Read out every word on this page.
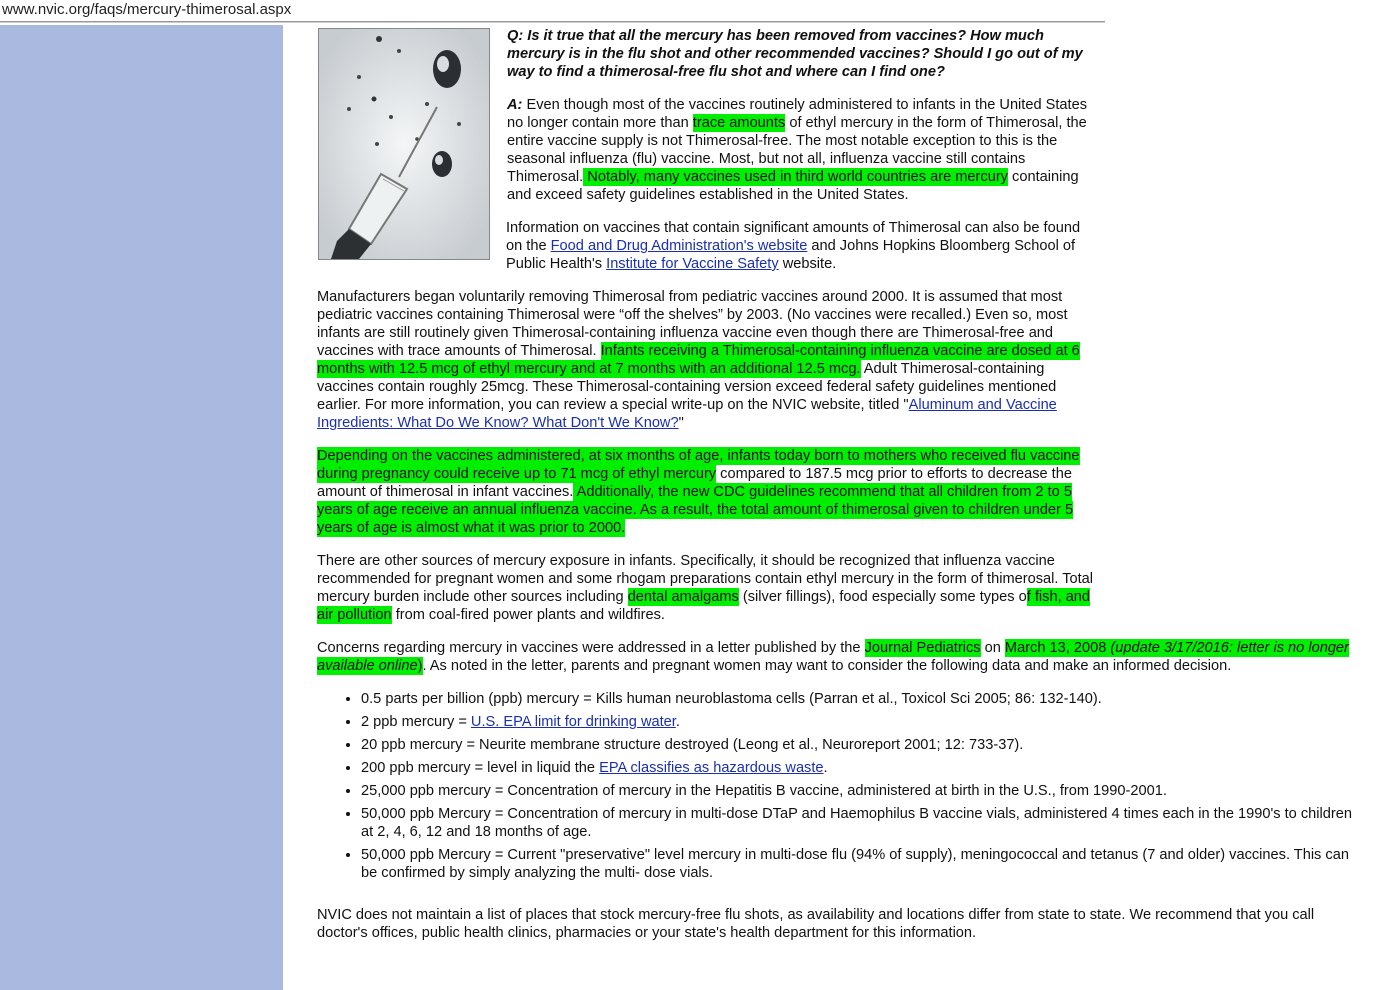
www.nvic.org/faqs/mercury-thimerosal.aspx

Q: Is it true that all the mercury has been removed from vaccines? How much mercury is in the flu shot and other recommended vaccines? Should I go out of my way to find a thimerosal-free flu shot and where can I find one?

A: Even though most of the vaccines routinely administered to infants in the United States no longer contain more than trace amounts of ethyl mercury in the form of Thimerosal, the entire vaccine supply is not Thimerosal-free. The most notable exception to this is the seasonal influenza (flu) vaccine. Most, but not all, influenza vaccine still contains Thimerosal. Notably, many vaccines used in third world countries are mercury containing and exceed safety guidelines established in the United States.

Information on vaccines that contain significant amounts of Thimerosal can also be found on the Food and Drug Administration's website and Johns Hopkins Bloomberg School of Public Health's Institute for Vaccine Safety website.

Manufacturers began voluntarily removing Thimerosal from pediatric vaccines around 2000. It is assumed that most pediatric vaccines containing Thimerosal were “off the shelves” by 2003. (No vaccines were recalled.) Even so, most infants are still routinely given Thimerosal-containing influenza vaccine even though there are Thimerosal-free and vaccines with trace amounts of Thimerosal. Infants receiving a Thimerosal-containing influenza vaccine are dosed at 6 months with 12.5 mcg of ethyl mercury and at 7 months with an additional 12.5 mcg. Adult Thimerosal-containing vaccines contain roughly 25mcg. These Thimerosal-containing version exceed federal safety guidelines mentioned earlier. For more information, you can review a special write-up on the NVIC website, titled "Aluminum and Vaccine Ingredients: What Do We Know? What Don't We Know?"

Depending on the vaccines administered, at six months of age, infants today born to mothers who received flu vaccine during pregnancy could receive up to 71 mcg of ethyl mercury compared to 187.5 mcg prior to efforts to decrease the amount of thimerosal in infant vaccines. Additionally, the new CDC guidelines recommend that all children from 2 to 5 years of age receive an annual influenza vaccine. As a result, the total amount of thimerosal given to children under 5 years of age is almost what it was prior to 2000.

There are other sources of mercury exposure in infants. Specifically, it should be recognized that influenza vaccine recommended for pregnant women and some rhogam preparations contain ethyl mercury in the form of thimerosal. Total mercury burden include other sources including dental amalgams (silver fillings), food especially some types of fish, and air pollution from coal-fired power plants and wildfires.

Concerns regarding mercury in vaccines were addressed in a letter published by the Journal Pediatrics on March 13, 2008 (update 3/17/2016: letter is no longer available online). As noted in the letter, parents and pregnant women may want to consider the following data and make an informed decision.

• 0.5 parts per billion (ppb) mercury = Kills human neuroblastoma cells (Parran et al., Toxicol Sci 2005; 86: 132-140).
• 2 ppb mercury = U.S. EPA limit for drinking water.
• 20 ppb mercury = Neurite membrane structure destroyed (Leong et al., Neuroreport 2001; 12: 733-37).
• 200 ppb mercury = level in liquid the EPA classifies as hazardous waste.
• 25,000 ppb mercury = Concentration of mercury in the Hepatitis B vaccine, administered at birth in the U.S., from 1990-2001.
• 50,000 ppb Mercury = Concentration of mercury in multi-dose DTaP and Haemophilus B vaccine vials, administered 4 times each in the 1990's to children at 2, 4, 6, 12 and 18 months of age.
• 50,000 ppb Mercury = Current "preservative" level mercury in multi-dose flu (94% of supply), meningococcal and tetanus (7 and older) vaccines. This can be confirmed by simply analyzing the multi- dose vials.

NVIC does not maintain a list of places that stock mercury-free flu shots, as availability and locations differ from state to state. We recommend that you call doctor's offices, public health clinics, pharmacies or your state's health department for this information.
